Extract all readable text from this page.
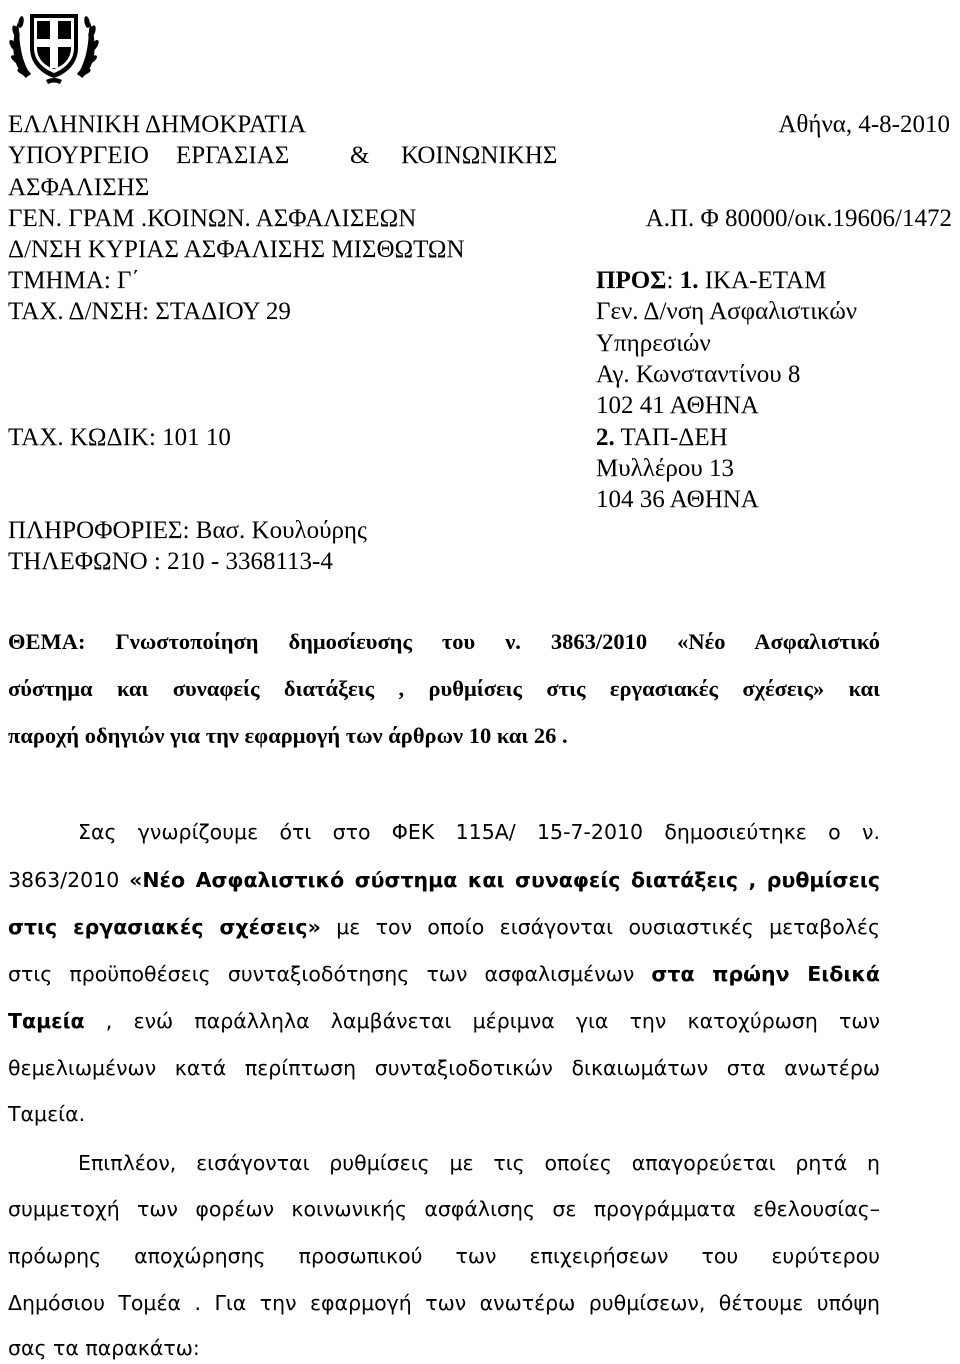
ΕΛΛΗΝΙΚΗ ΔΗΜΟΚΡΑΤΙΑ
ΥΠΟΥΡΓΕΙΟ ΕΡΓΑΣΙΑΣ & ΚΟΙΝΩΝΙΚΗΣ
ΑΣΦΑΛΙΣΗΣ
ΓΕΝ. ΓΡΑΜ .ΚΟΙΝΩΝ. ΑΣΦΑΛΙΣΕΩΝ
Δ/ΝΣΗ ΚΥΡΙΑΣ ΑΣΦΑΛΙΣΗΣ ΜΙΣΘΩΤΩΝ
ΤΜΗΜΑ: Γ΄
ΤΑΧ. Δ/ΝΣΗ: ΣΤΑΔΙΟΥ 29
ΤΑΧ. ΚΩΔΙΚ: 101 10
ΠΛΗΡΟΦΟΡΙΕΣ: Βασ. Κουλούρης
ΤΗΛΕΦΩΝΟ : 210 - 3368113-4
Αθήνα, 4-8-2010
Α.Π. Φ 80000/οικ.19606/1472
ΠΡΟΣ: 1. ΙΚΑ-ΕΤΑΜ
Γεν. Δ/νση Ασφαλιστικών
Υπηρεσιών
Αγ. Κωνσταντίνου 8
102 41 ΑΘΗΝΑ
2. ΤΑΠ-ΔΕΗ
Μυλλέρου 13
104 36 ΑΘΗΝΑ
ΘΕΜΑ: Γνωστοποίηση δημοσίευσης του ν. 3863/2010 «Νέο Ασφαλιστικό
σύστημα και συναφείς διατάξεις , ρυθμίσεις στις εργασιακές σχέσεις» και
παροχή οδηγιών για την εφαρμογή των άρθρων 10 και 26 .
Σας γνωρίζουμε ότι στο ΦΕΚ 115Α/ 15-7-2010 δημοσιεύτηκε ο ν.
3863/2010 «Νέο Ασφαλιστικό σύστημα και συναφείς διατάξεις , ρυθμίσεις
στις εργασιακές σχέσεις» με τον οποίο εισάγονται ουσιαστικές μεταβολές
στις προϋποθέσεις συνταξιοδότησης των ασφαλισμένων στα πρώην Ειδικά
Ταμεία , ενώ παράλληλα λαμβάνεται μέριμνα για την κατοχύρωση των
θεμελιωμένων κατά περίπτωση συνταξιοδοτικών δικαιωμάτων στα ανωτέρω
Ταμεία.
Επιπλέον, εισάγονται ρυθμίσεις με τις οποίες απαγορεύεται ρητά η
συμμετοχή των φορέων κοινωνικής ασφάλισης σε προγράμματα εθελουσίας–
πρόωρης αποχώρησης προσωπικού των επιχειρήσεων του ευρύτερου
Δημόσιου Τομέα . Για την εφαρμογή των ανωτέρω ρυθμίσεων, θέτουμε υπόψη
σας τα παρακάτω:
